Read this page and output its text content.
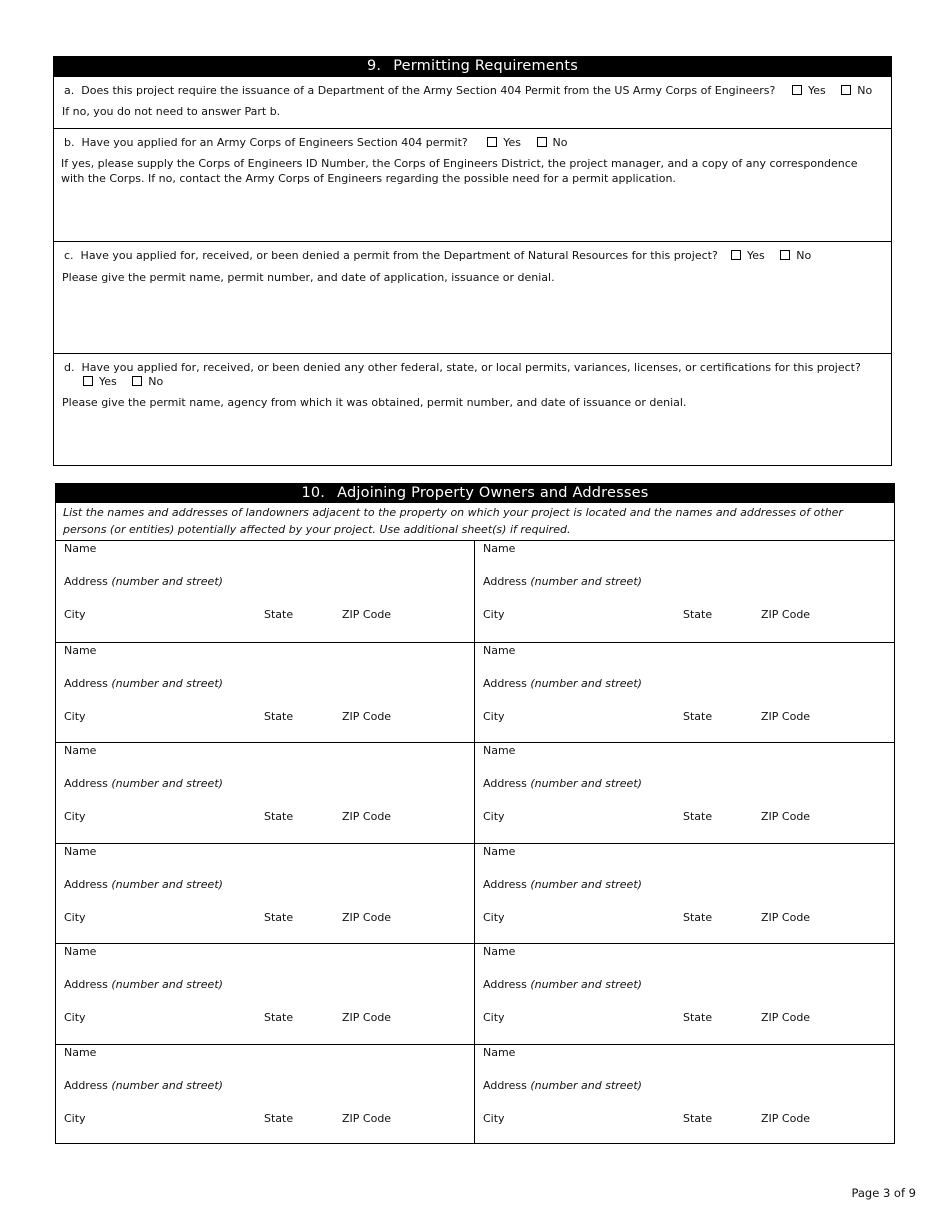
9. Permitting Requirements
a. Does this project require the issuance of a Department of the Army Section 404 Permit from the US Army Corps of Engineers?	Yes	No
If no, you do not need to answer Part b.
b. Have you applied for an Army Corps of Engineers Section 404 permit?	Yes	No
If yes, please supply the Corps of Engineers ID Number, the Corps of Engineers District, the project manager, and a copy of any correspondence with the Corps. If no, contact the Army Corps of Engineers regarding the possible need for a permit application.
c. Have you applied for, received, or been denied a permit from the Department of Natural Resources for this project?	Yes	No
Please give the permit name, permit number, and date of application, issuance or denial.
d. Have you applied for, received, or been denied any other federal, state, or local permits, variances, licenses, or certifications for this project?
Yes	No
Please give the permit name, agency from which it was obtained, permit number, and date of issuance or denial.
10. Adjoining Property Owners and Addresses
List the names and addresses of landowners adjacent to the property on which your project is located and the names and addresses of other persons (or entities) potentially affected by your project. Use additional sheet(s) if required.
Name
Address (number and street)
City	State	ZIP Code
Name
Address (number and street)
City	State	ZIP Code
Name
Address (number and street)
City	State	ZIP Code
Name
Address (number and street)
City	State	ZIP Code
Name
Address (number and street)
City	State	ZIP Code
Name
Address (number and street)
City	State	ZIP Code
Name
Address (number and street)
City	State	ZIP Code
Name
Address (number and street)
City	State	ZIP Code
Name
Address (number and street)
City	State	ZIP Code
Name
Address (number and street)
City	State	ZIP Code
Name
Address (number and street)
City	State	ZIP Code
Name
Address (number and street)
City	State	ZIP Code
Page 3 of 9
